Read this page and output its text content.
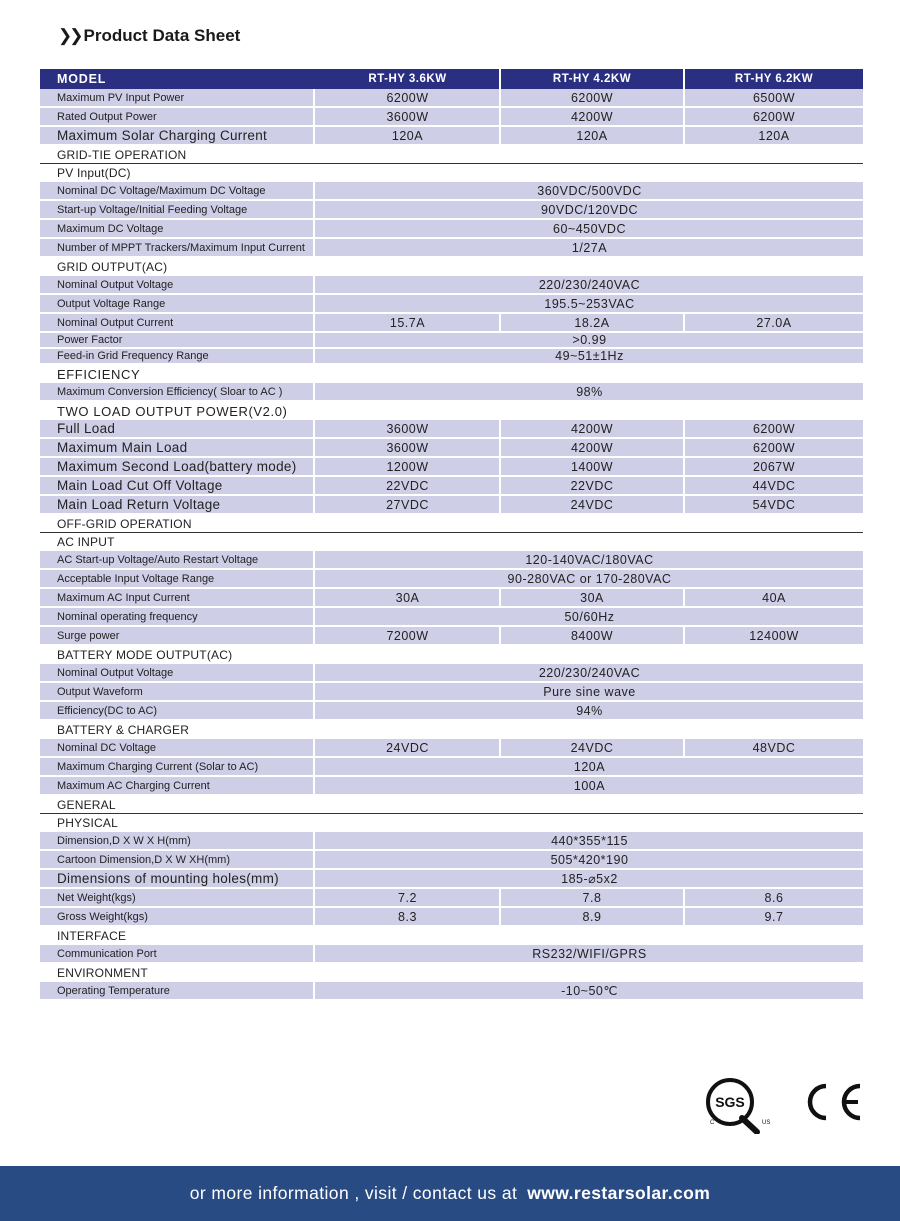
❯❯ Product Data Sheet
MODEL	RT-HY 3.6KW	RT-HY 4.2KW	RT-HY 6.2KW
Maximum PV Input Power	6200W	6200W	6500W
Rated Output Power	3600W	4200W	6200W
Maximum Solar Charging Current	120A	120A	120A
GRID-TIE OPERATION
PV Input(DC)
Nominal DC Voltage/Maximum DC Voltage	360VDC/500VDC
Start-up Voltage/Initial Feeding Voltage	90VDC/120VDC
Maximum DC Voltage	60~450VDC
Number of MPPT Trackers/Maximum Input Current	1/27A
GRID OUTPUT(AC)
Nominal Output Voltage	220/230/240VAC
Output Voltage Range	195.5~253VAC
Nominal Output Current	15.7A	18.2A	27.0A
Power Factor	>0.99
Feed-in Grid Frequency Range	49~51±1Hz
EFFICIENCY
Maximum Conversion Efficiency( Sloar to AC )	98%
TWO LOAD OUTPUT POWER(V2.0)
Full Load	3600W	4200W	6200W
Maximum Main Load	3600W	4200W	6200W
Maximum Second Load(battery mode)	1200W	1400W	2067W
Main Load Cut Off Voltage	22VDC	22VDC	44VDC
Main Load Return Voltage	27VDC	24VDC	54VDC
OFF-GRID OPERATION
AC INPUT
AC Start-up Voltage/Auto Restart Voltage	120-140VAC/180VAC
Acceptable Input Voltage Range	90-280VAC or 170-280VAC
Maximum AC Input Current	30A	30A	40A
Nominal operating frequency	50/60Hz
Surge power	7200W	8400W	12400W
BATTERY MODE OUTPUT(AC)
Nominal Output Voltage	220/230/240VAC
Output Waveform	Pure sine wave
Efficiency(DC to AC)	94%
BATTERY & CHARGER
Nominal DC Voltage	24VDC	24VDC	48VDC
Maximum Charging Current (Solar to AC)	120A
Maximum AC Charging Current	100A
GENERAL
PHYSICAL
Dimension,D X W X H(mm)	440*355*115
Cartoon Dimension,D X W XH(mm)	505*420*190
Dimensions of mounting holes(mm)	185-⌀5x2
Net Weight(kgs)	7.2	7.8	8.6
Gross Weight(kgs)	8.3	8.9	9.7
INTERFACE
Communication Port	RS232/WIFI/GPRS
ENVIRONMENT
Operating Temperature	-10~50℃
SGS
C	US
or more information , visit / contact us at www.restarsolar.com
